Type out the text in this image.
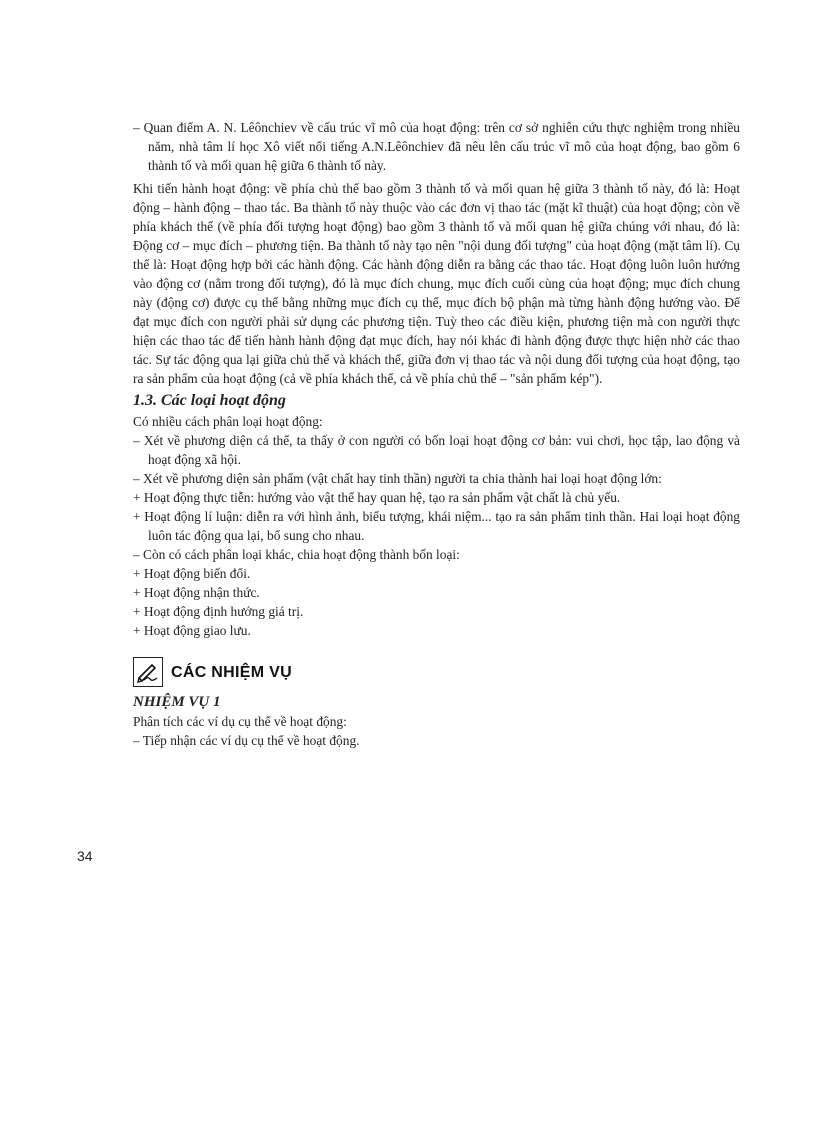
– Quan điểm A. N. Lêônchiev về cấu trúc vĩ mô của hoạt động: trên cơ sở nghiên cứu thực nghiệm trong nhiều năm, nhà tâm lí học Xô viết nổi tiếng A.N.Lêônchiev đã nêu lên cấu trúc vĩ mô của hoạt động, bao gồm 6 thành tố và mối quan hệ giữa 6 thành tố này.

Khi tiến hành hoạt động: về phía chủ thể bao gồm 3 thành tố và mối quan hệ giữa 3 thành tố này, đó là: Hoạt động – hành động – thao tác. Ba thành tố này thuộc vào các đơn vị thao tác (mặt kĩ thuật) của hoạt động; còn về phía khách thể (về phía đối tượng hoạt động) bao gồm 3 thành tố và mối quan hệ giữa chúng với nhau, đó là: Động cơ – mục đích – phương tiện. Ba thành tố này tạo nên "nội dung đối tượng" của hoạt động (mặt tâm lí). Cụ thể là: Hoạt động hợp bởi các hành động. Các hành động diễn ra bằng các thao tác. Hoạt động luôn luôn hướng vào động cơ (nằm trong đối tượng), đó là mục đích chung, mục đích cuối cùng của hoạt động; mục đích chung này (động cơ) được cụ thể bằng những mục đích cụ thể, mục đích bộ phận mà từng hành động hướng vào. Để đạt mục đích con người phải sử dụng các phương tiện. Tuỳ theo các điều kiện, phương tiện mà con người thực hiện các thao tác để tiến hành hành động đạt mục đích, hay nói khác đi hành động được thực hiện nhờ các thao tác. Sự tác động qua lại giữa chủ thể và khách thể, giữa đơn vị thao tác và nội dung đối tượng của hoạt động, tạo ra sản phẩm của hoạt động (cả về phía khách thể, cả về phía chủ thể – "sản phẩm kép").

1.3. Các loại hoạt động

Có nhiều cách phân loại hoạt động:

– Xét về phương diện cá thể, ta thấy ở con người có bốn loại hoạt động cơ bản: vui chơi, học tập, lao động và hoạt động xã hội.

– Xét về phương diện sản phẩm (vật chất hay tinh thần) người ta chia thành hai loại hoạt động lớn:

+ Hoạt động thực tiễn: hướng vào vật thể hay quan hệ, tạo ra sản phẩm vật chất là chủ yếu.

+ Hoạt động lí luận: diễn ra với hình ảnh, biểu tượng, khái niệm... tạo ra sản phẩm tinh thần. Hai loại hoạt động luôn tác động qua lại, bổ sung cho nhau.

– Còn có cách phân loại khác, chia hoạt động thành bốn loại:

+ Hoạt động biến đổi.

+ Hoạt động nhận thức.

+ Hoạt động định hướng giá trị.

+ Hoạt động giao lưu.

CÁC NHIỆM VỤ
NHIỆM VỤ 1

Phân tích các ví dụ cụ thể về hoạt động:

– Tiếp nhận các ví dụ cụ thể về hoạt động.

34
